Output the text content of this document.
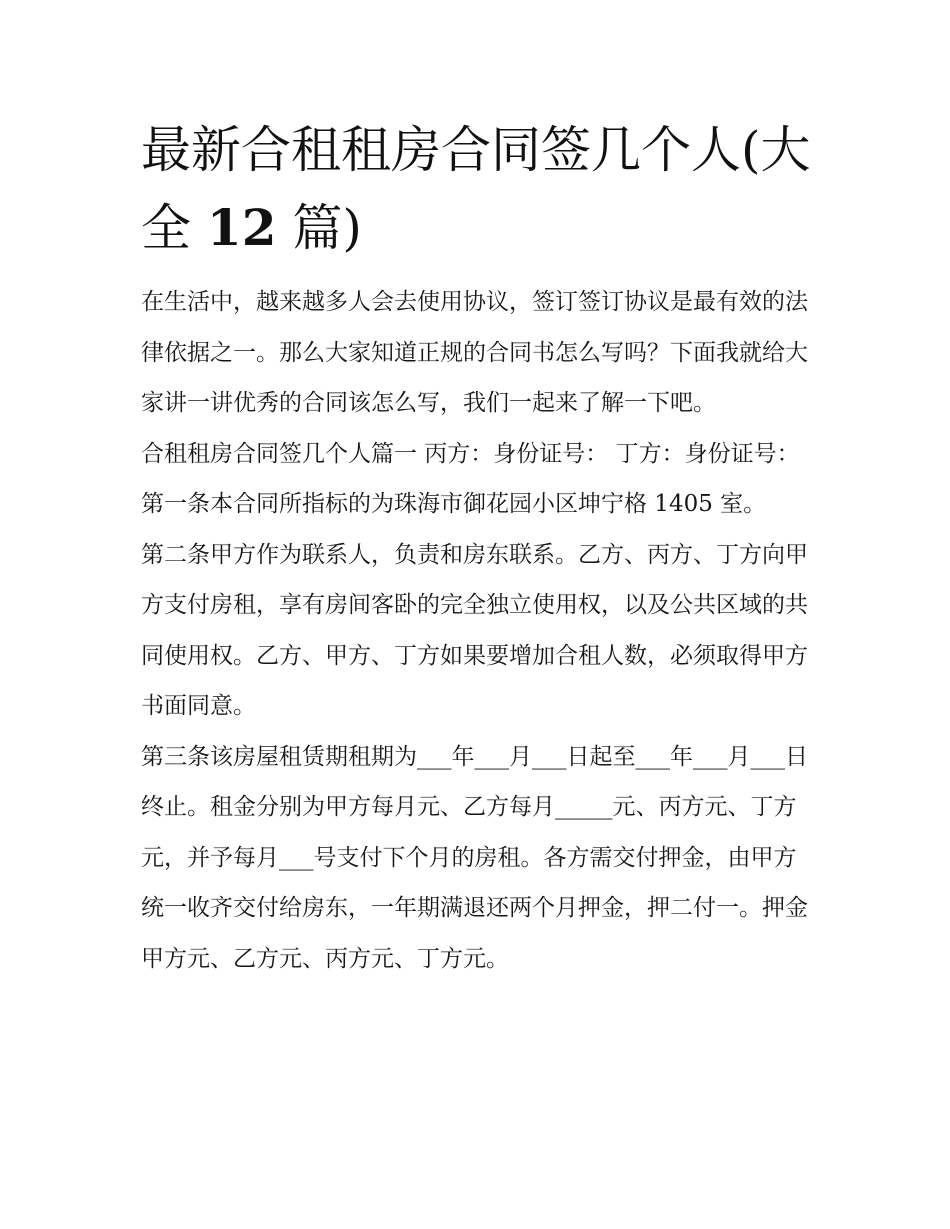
最新合租租房合同签几个人(大
全 12 篇)

在生活中，越来越多人会去使用协议，签订签订协议是最有效的法律依据之一。那么大家知道正规的合同书怎么写吗？下面我就给大家讲一讲优秀的合同该怎么写，我们一起来了解一下吧。

合租租房合同签几个人篇一 丙方：身份证号： 丁方：身份证号： 第一条本合同所指标的为珠海市御花园小区坤宁格 1405 室。

第二条甲方作为联系人，负责和房东联系。乙方、丙方、丁方向甲方支付房租，享有房间客卧的完全独立使用权，以及公共区域的共同使用权。乙方、甲方、丁方如果要增加合租人数，必须取得甲方书面同意。

第三条该房屋租赁期租期为___年___月___日起至___年___月___日终止。租金分别为甲方每月元、乙方每月_____元、丙方元、丁方元，并予每月___号支付下个月的房租。各方需交付押金，由甲方统一收齐交付给房东，一年期满退还两个月押金，押二付一。押金甲方元、乙方元、丙方元、丁方元。
